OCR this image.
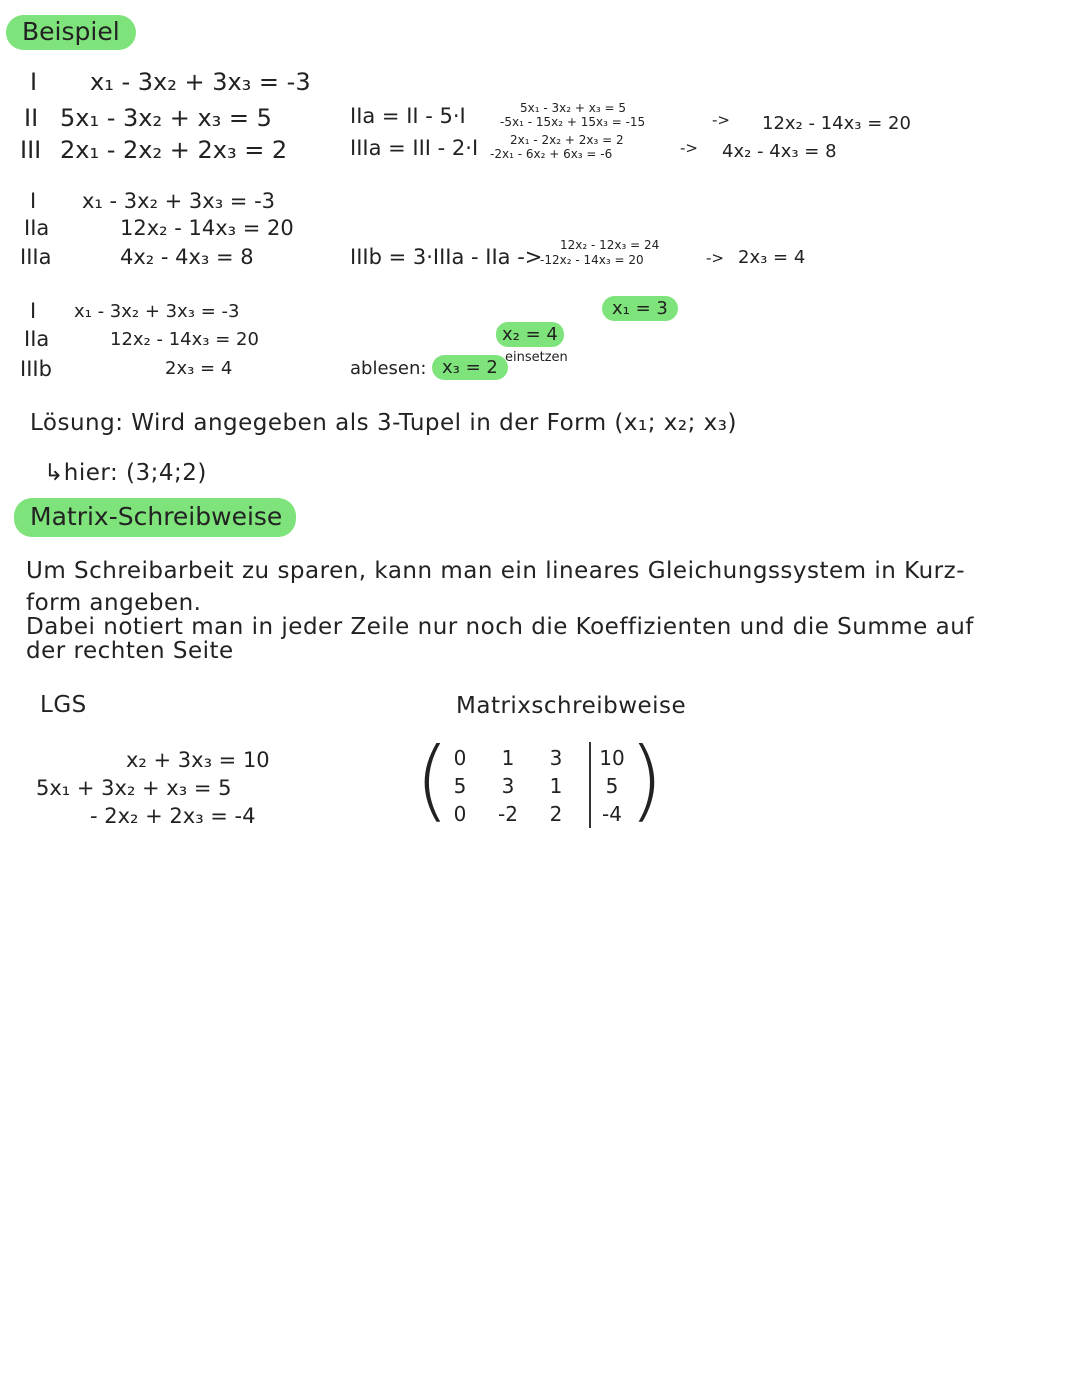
Beispiel
I x₁ - 3x₂ + 3x₃ = -3
II 5x₁ - 3x₂ + x₃ = 5
III 2x₁ - 2x₂ + 2x₃ = 2
IIa = II - 5·I
IIIa = III - 2·I
5x₁ - 3x₂ + x₃ = 5
-5x₁ - 15x₂ + 15x₃ = -15
2x₁ - 2x₂ + 2x₃ = 2
-2x₁ - 6x₂ + 6x₃ = -6
->
->
12x₂ - 14x₃ = 20
4x₂ - 4x₃ = 8
I x₁ - 3x₂ + 3x₃ = -3
IIa	12x₂ - 14x₃ = 20
IIIa	4x₂ - 4x₃ = 8	IIIb = 3·IIIa - IIa -> 12x₂ - 12x₃ = 24
-12x₂ - 14x₃ = 20	-> 2x₃ = 4
I x₁ - 3x₂ + 3x₃ = -3
IIa	12x₂ - 14x₃ = 20
IIIb	2x₃ = 4	ablesen: x₃ = 2 einsetzen
x₂ = 4
x₁ = 3
Lösung: Wird angegeben als 3-Tupel in der Form (x₁; x₂; x₃)
↳hier: (3;4;2)
Matrix-Schreibweise
Um Schreibarbeit zu sparen, kann man ein lineares Gleichungssystem in Kurz-
form angeben.
Dabei notiert man in jeder Zeile nur noch die Koeffizienten und die Summe auf
der rechten Seite
LGS
x₂ + 3x₃ = 10
5x₁ + 3x₂ + x₃ = 5
- 2x₂ + 2x₃ = -4
Matrixschreibweise
( )
0	1	3	10
5	3	1	5
0	-2	2	-4
